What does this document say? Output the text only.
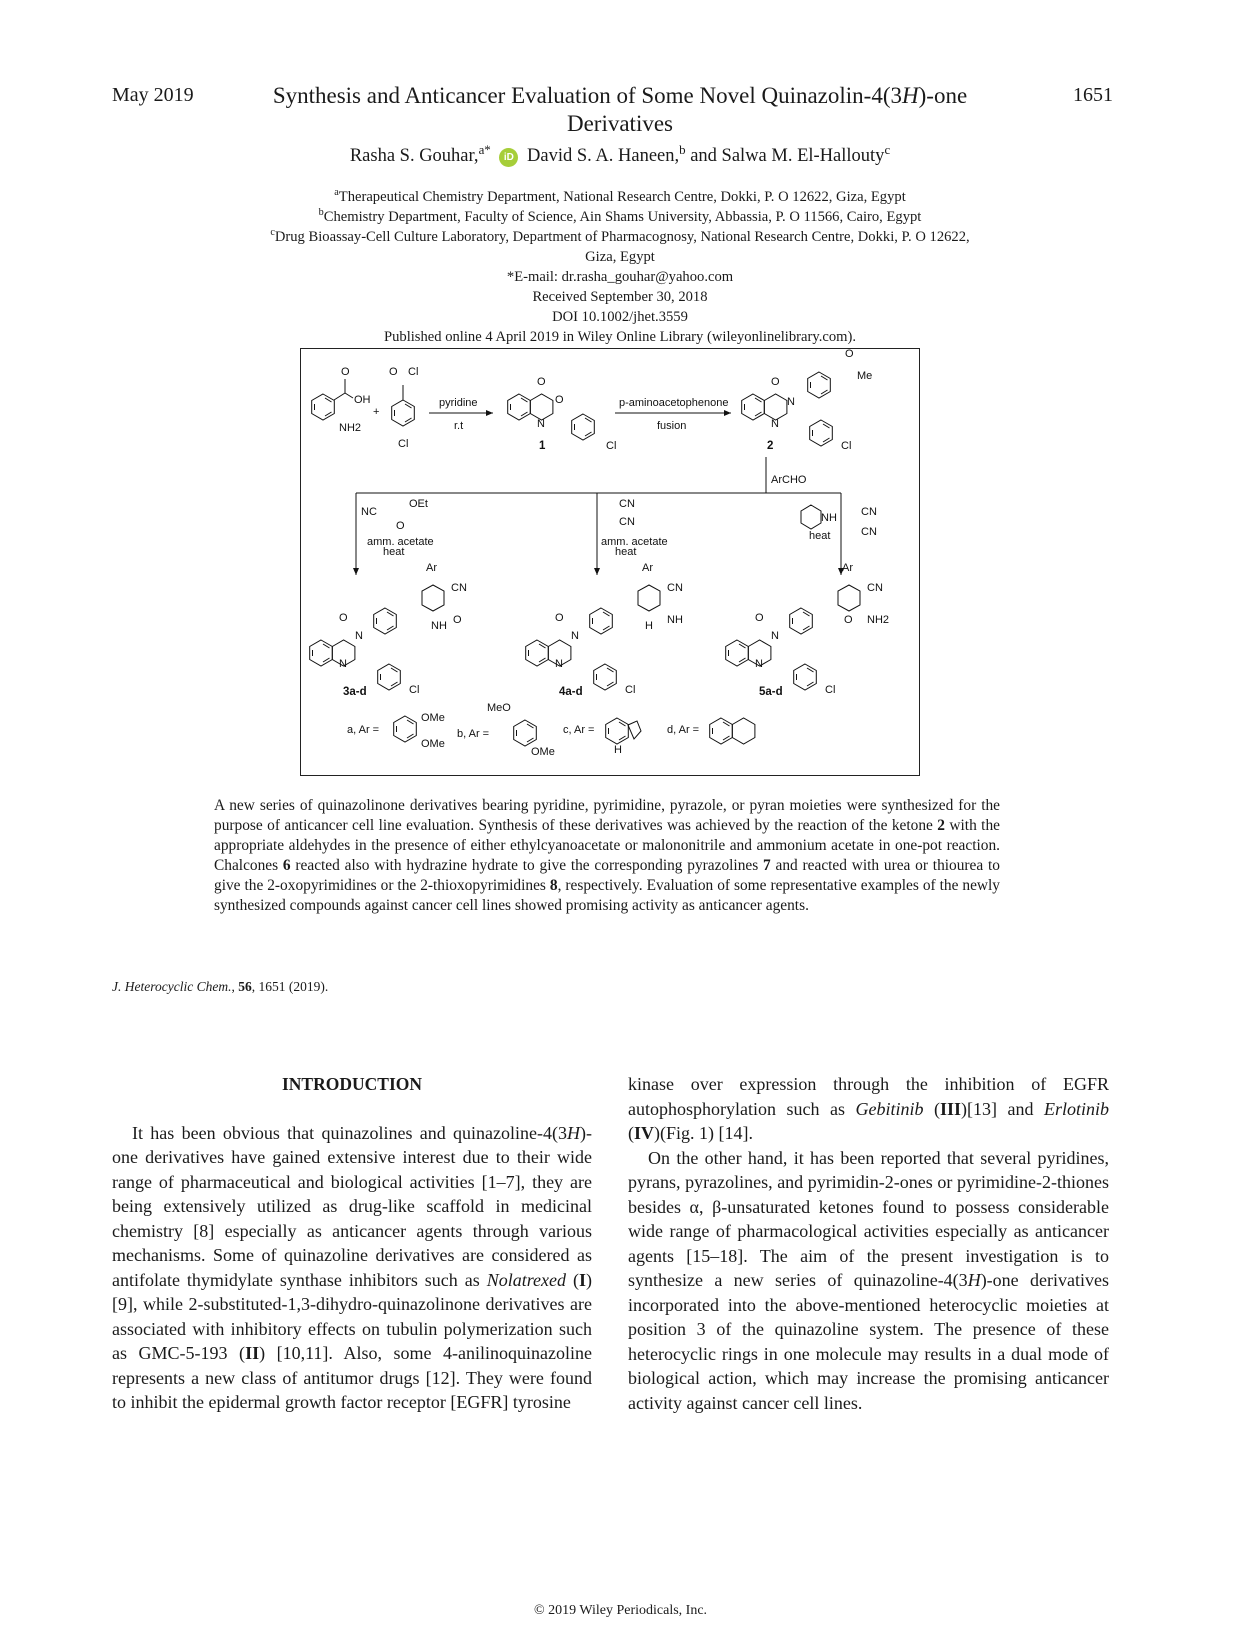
May 2019	Synthesis and Anticancer Evaluation of Some Novel Quinazolin-4(3H)-one Derivatives
1651
Rasha S. Gouhar,$^{a*}$ iD David S. A. Haneen,$^b$ and Salwa M. El-Hallouty$^c$
$^a$Therapeutical Chemistry Department, National Research Centre, Dokki, P. O 12622, Giza, Egypt
$^b$Chemistry Department, Faculty of Science, Ain Shams University, Abbassia, P. O 11566, Cairo, Egypt
$^c$Drug Bioassay-Cell Culture Laboratory, Department of Pharmacognosy, National Research Centre, Dokki, P. O 12622,
Giza, Egypt
*E-mail: dr.rasha_gouhar@yahoo.com
Received September 30, 2018
DOI 10.1002/jhet.3559
Published online 4 April 2019 in Wiley Online Library (wileyonlinelibrary.com).
O
OH
NH2
+
O Cl
Cl
pyridine
r.t
O
O
N
Cl
1
p-aminoacetophenone
fusion
O
N
N
O
Me
Cl
2
ArCHO
NC
OEt
O
amm. acetate
heat
CN
CN
amm. acetate
heat
NH
heat
CN
CN
O
N
N
Ar
CN
NH O
Cl
3a-d
O
N
N
Ar
CN
H NH
Cl
4a-d
O
N
N
Ar
CN
O NH2
Cl
5a-d
a, Ar =
OMe
OMe
b, Ar =
MeO
OMe
c, Ar =
H
d, Ar =
A new series of quinazolinone derivatives bearing pyridine, pyrimidine, pyrazole, or pyran moieties were synthesized for the purpose of anticancer cell line evaluation. Synthesis of these derivatives was achieved by the reaction of the ketone 2 with the appropriate aldehydes in the presence of either ethylcyanoacetate or malononitrile and ammonium acetate in one-pot reaction. Chalcones 6 reacted also with hydrazine hydrate to give the corresponding pyrazolines 7 and reacted with urea or thiourea to give the 2-oxopyrimidines or the 2-thioxopyrimidines 8, respectively. Evaluation of some representative examples of the newly synthesized compounds against cancer cell lines showed promising activity as anticancer agents.
J. Heterocyclic Chem., 56, 1651 (2019).
INTRODUCTION

It has been obvious that quinazolines and quinazoline-4(3H)-one derivatives have gained extensive interest due to their wide range of pharmaceutical and biological activities [1–7], they are being extensively utilized as drug-like scaffold in medicinal chemistry [8] especially as anticancer agents through various mechanisms. Some of quinazoline derivatives are considered as antifolate thymidylate synthase inhibitors such as Nolatrexed (I) [9], while 2-substituted-1,3-dihydro-quinazolinone derivatives are associated with inhibitory effects on tubulin polymerization such as GMC-5-193 (II) [10,11]. Also, some 4-anilinoquinazoline represents a new class of antitumor drugs [12]. They were found to inhibit the epidermal growth factor receptor [EGFR] tyrosine

kinase over expression through the inhibition of EGFR autophosphorylation such as Gebitinib (III)[13] and Erlotinib (IV)(Fig. 1) [14].

On the other hand, it has been reported that several pyridines, pyrans, pyrazolines, and pyrimidin-2-ones or pyrimidine-2-thiones besides α, β-unsaturated ketones found to possess considerable wide range of pharmacological activities especially as anticancer agents [15–18]. The aim of the present investigation is to synthesize a new series of quinazoline-4(3H)-one derivatives incorporated into the above-mentioned heterocyclic moieties at position 3 of the quinazoline system. The presence of these heterocyclic rings in one molecule may results in a dual mode of biological action, which may increase the promising anticancer activity against cancer cell lines.

© 2019 Wiley Periodicals, Inc.
